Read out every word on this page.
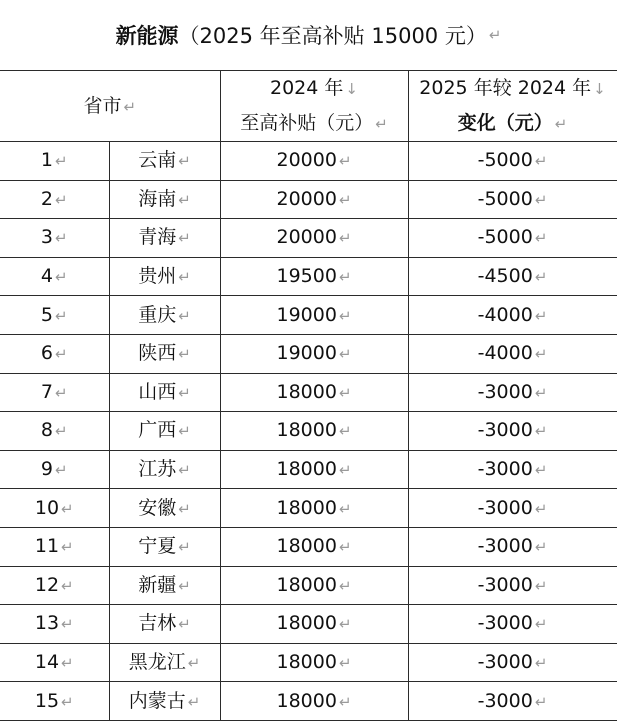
新能源 （2025 年至高补贴 15000 元） ↵
省市 ↵		2024 年 ↓
至高补贴（元） ↵	2025 年较 2024 年 ↓
变化（元） ↵

1 ↵	云南 ↵	20000 ↵	-5000 ↵
2 ↵	海南 ↵	20000 ↵	-5000 ↵
3 ↵	青海 ↵	20000 ↵	-5000 ↵
4 ↵	贵州 ↵	19500 ↵	-4500 ↵
5 ↵	重庆 ↵	19000 ↵	-4000 ↵
6 ↵	陕西 ↵	19000 ↵	-4000 ↵
7 ↵	山西 ↵	18000 ↵	-3000 ↵
8 ↵	广西 ↵	18000 ↵	-3000 ↵
9 ↵	江苏 ↵	18000 ↵	-3000 ↵
10 ↵	安徽 ↵	18000 ↵	-3000 ↵
11 ↵	宁夏 ↵	18000 ↵	-3000 ↵
12 ↵	新疆 ↵	18000 ↵	-3000 ↵
13 ↵	吉林 ↵	18000 ↵	-3000 ↵
14 ↵	黑龙江 ↵	18000 ↵	-3000 ↵
15 ↵	内蒙古 ↵	18000 ↵	-3000 ↵
